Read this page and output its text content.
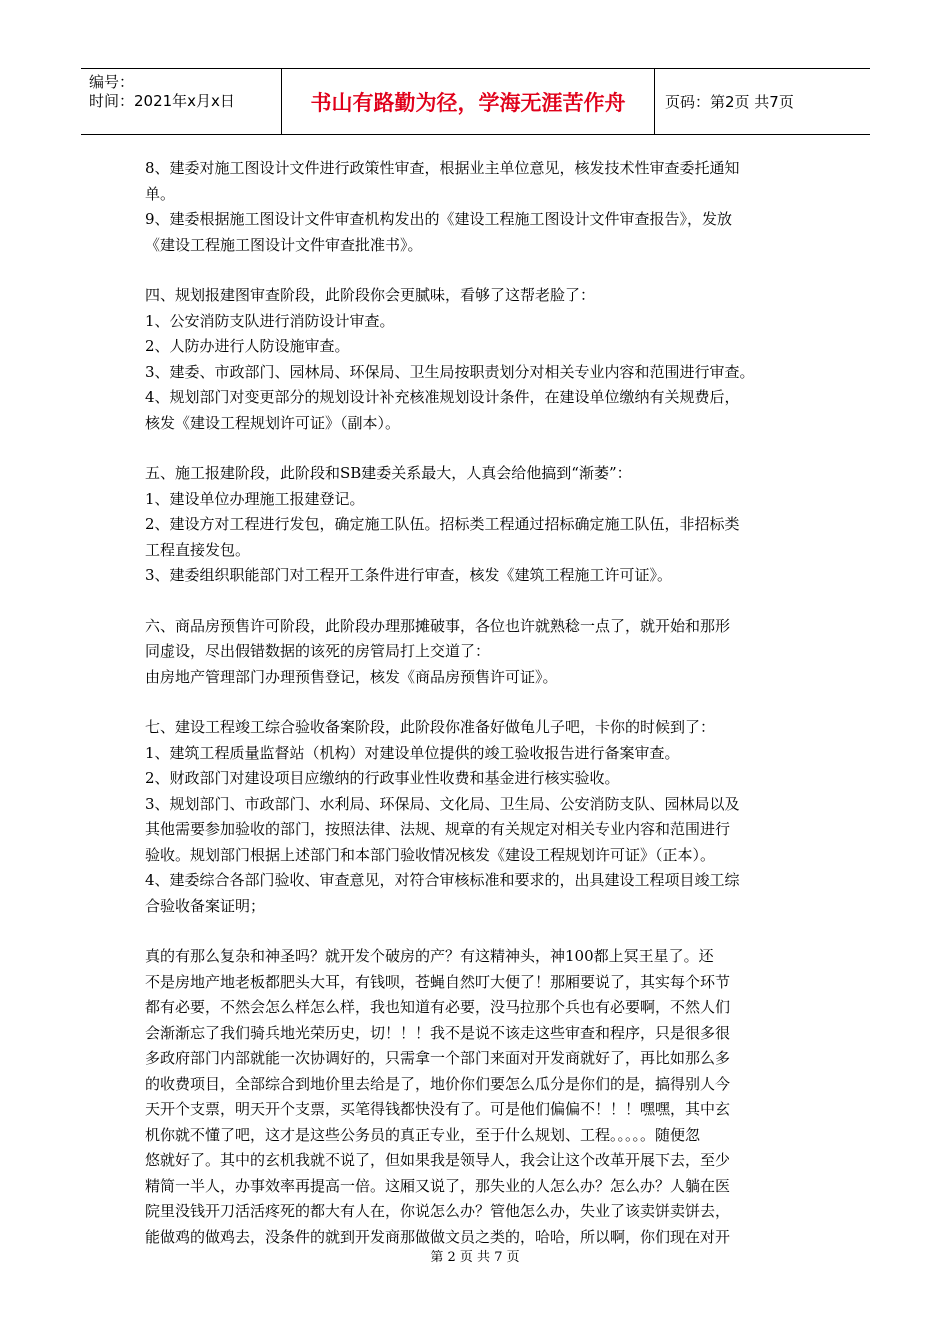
编号：
时间：2021年x月x日	书山有路勤为径，学海无涯苦作舟	页码：第2页 共7页

8、建委对施工图设计文件进行政策性审查，根据业主单位意见，核发技术性审查委托通知

单。

9、建委根据施工图设计文件审查机构发出的《建设工程施工图设计文件审查报告》，发放

《建设工程施工图设计文件审查批准书》。

四、规划报建图审查阶段，此阶段你会更腻味，看够了这帮老脸了：

1、公安消防支队进行消防设计审查。

2、人防办进行人防设施审查。

3、建委、市政部门、园林局、环保局、卫生局按职责划分对相关专业内容和范围进行审查。

4、规划部门对变更部分的规划设计补充核准规划设计条件，在建设单位缴纳有关规费后，

核发《建设工程规划许可证》（副本）。

五、施工报建阶段，此阶段和SB建委关系最大，人真会给他搞到“渐萎”：

1、建设单位办理施工报建登记。

2、建设方对工程进行发包，确定施工队伍。招标类工程通过招标确定施工队伍，非招标类

工程直接发包。

3、建委组织职能部门对工程开工条件进行审查，核发《建筑工程施工许可证》。

六、商品房预售许可阶段，此阶段办理那摊破事，各位也许就熟稔一点了，就开始和那形

同虚设，尽出假错数据的该死的房管局打上交道了：

由房地产管理部门办理预售登记，核发《商品房预售许可证》。

七、建设工程竣工综合验收备案阶段，此阶段你准备好做龟儿子吧，卡你的时候到了：

1、建筑工程质量监督站（机构）对建设单位提供的竣工验收报告进行备案审查。

2、财政部门对建设项目应缴纳的行政事业性收费和基金进行核实验收。

3、规划部门、市政部门、水利局、环保局、文化局、卫生局、公安消防支队、园林局以及

其他需要参加验收的部门，按照法律、法规、规章的有关规定对相关专业内容和范围进行

验收。规划部门根据上述部门和本部门验收情况核发《建设工程规划许可证》（正本）。

4、建委综合各部门验收、审查意见，对符合审核标准和要求的，出具建设工程项目竣工综

合验收备案证明；

真的有那么复杂和神圣吗？就开发个破房的产？有这精神头，神100都上冥王星了。还

不是房地产地老板都肥头大耳，有钱呗，苍蝇自然叮大便了！那厢要说了，其实每个环节

都有必要，不然会怎么样怎么样，我也知道有必要，没马拉那个兵也有必要啊，不然人们

会渐渐忘了我们骑兵地光荣历史，切！！！我不是说不该走这些审查和程序，只是很多很

多政府部门内部就能一次协调好的，只需拿一个部门来面对开发商就好了，再比如那么多

的收费项目，全部综合到地价里去给是了，地价你们要怎么瓜分是你们的是，搞得别人今

天开个支票，明天开个支票，买笔得钱都快没有了。可是他们偏偏不！！！嘿嘿，其中玄

机你就不懂了吧，这才是这些公务员的真正专业，至于什么规划、工程。。。。。随便忽

悠就好了。其中的玄机我就不说了，但如果我是领导人，我会让这个改革开展下去，至少

精简一半人，办事效率再提高一倍。这厢又说了，那失业的人怎么办？怎么办？人躺在医

院里没钱开刀活活疼死的都大有人在，你说怎么办？管他怎么办，失业了该卖饼卖饼去，

能做鸡的做鸡去，没条件的就到开发商那做做文员之类的，哈哈，所以啊，你们现在对开

第 2 页 共 7 页
